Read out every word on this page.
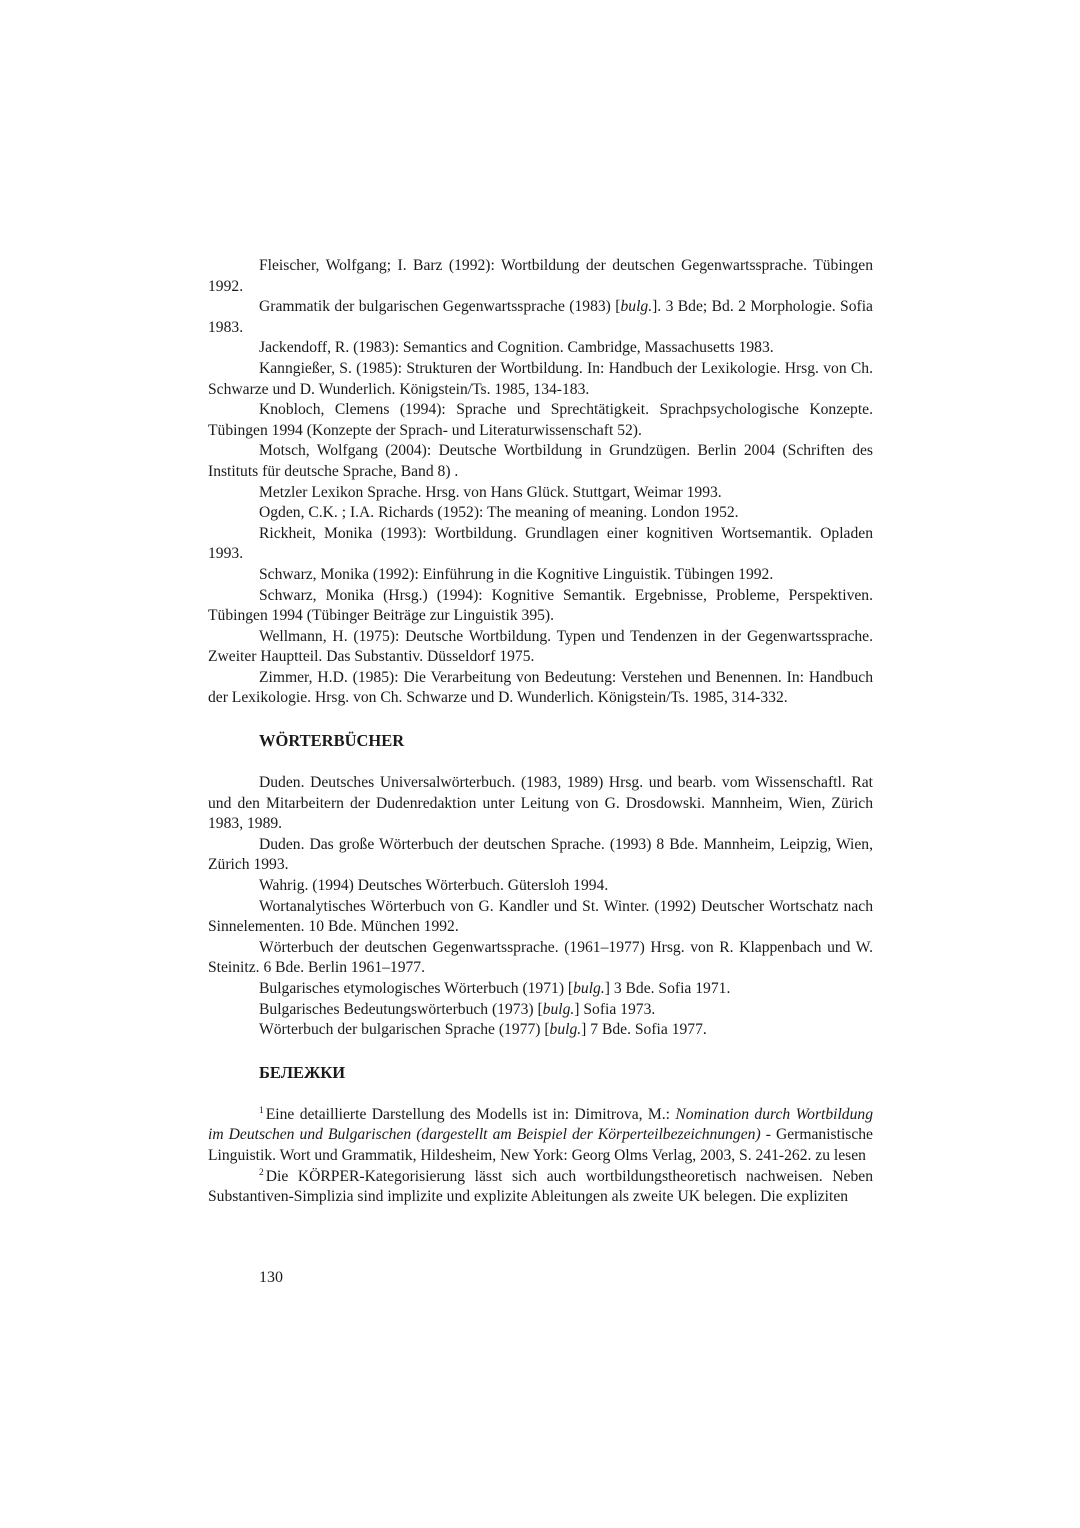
Fleischer, Wolfgang; I. Barz (1992): Wortbildung der deutschen Gegenwartssprache. Tübingen 1992.

Grammatik der bulgarischen Gegenwartssprache (1983) [bulg.]. 3 Bde; Bd. 2 Morphologie. Sofia 1983.

Jackendoff, R. (1983): Semantics and Cognition. Cambridge, Massachusetts 1983.

Kanngießer, S. (1985): Strukturen der Wortbildung. In: Handbuch der Lexikologie. Hrsg. von Ch. Schwarze und D. Wunderlich. Königstein/Ts. 1985, 134-183.

Knobloch, Clemens (1994): Sprache und Sprechtätigkeit. Sprachpsychologische Konzepte. Tübingen 1994 (Konzepte der Sprach- und Literaturwissenschaft 52).

Motsch, Wolfgang (2004): Deutsche Wortbildung in Grundzügen. Berlin 2004 (Schriften des Instituts für deutsche Sprache, Band 8) .

Metzler Lexikon Sprache. Hrsg. von Hans Glück. Stuttgart, Weimar 1993.

Ogden, C.K. ; I.A. Richards (1952): The meaning of meaning. London 1952.

Rickheit, Monika (1993): Wortbildung. Grundlagen einer kognitiven Wortsemantik. Opladen 1993.

Schwarz, Monika (1992): Einführung in die Kognitive Linguistik. Tübingen 1992.

Schwarz, Monika (Hrsg.) (1994): Kognitive Semantik. Ergebnisse, Probleme, Perspektiven. Tübingen 1994 (Tübinger Beiträge zur Linguistik 395).

Wellmann, H. (1975): Deutsche Wortbildung. Typen und Tendenzen in der Gegenwartssprache. Zweiter Hauptteil. Das Substantiv. Düsseldorf 1975.

Zimmer, H.D. (1985): Die Verarbeitung von Bedeutung: Verstehen und Benennen. In: Handbuch der Lexikologie. Hrsg. von Ch. Schwarze und D. Wunderlich. Königstein/Ts. 1985, 314-332.

WÖRTERBÜCHER

Duden. Deutsches Universalwörterbuch. (1983, 1989) Hrsg. und bearb. vom Wissenschaftl. Rat und den Mitarbeitern der Dudenredaktion unter Leitung von G. Drosdowski. Mannheim, Wien, Zürich 1983, 1989.

Duden. Das große Wörterbuch der deutschen Sprache. (1993) 8 Bde. Mannheim, Leipzig, Wien, Zürich 1993.

Wahrig. (1994) Deutsches Wörterbuch. Gütersloh 1994.

Wortanalytisches Wörterbuch von G. Kandler und St. Winter. (1992) Deutscher Wortschatz nach Sinnelementen. 10 Bde. München 1992.

Wörterbuch der deutschen Gegenwartssprache. (1961–1977) Hrsg. von R. Klappenbach und W. Steinitz. 6 Bde. Berlin 1961–1977.

Bulgarisches etymologisches Wörterbuch (1971) [bulg.] 3 Bde. Sofia 1971.

Bulgarisches Bedeutungswörterbuch (1973) [bulg.] Sofia 1973.

Wörterbuch der bulgarischen Sprache (1977) [bulg.] 7 Bde. Sofia 1977.

БЕЛЕЖКИ

$^1$ Eine detaillierte Darstellung des Modells ist in: Dimitrova, M.: Nomination durch Wortbildung im Deutschen und Bulgarischen (dargestellt am Beispiel der Körperteilbezeichnungen) - Germanistische Linguistik. Wort und Grammatik, Hildesheim, New York: Georg Olms Verlag, 2003, S. 241-262. zu lesen

$^2$ Die KÖRPER-Kategorisierung lässt sich auch wortbildungstheoretisch nachweisen. Neben Substantiven-Simplizia sind implizite und explizite Ableitungen als zweite UK belegen. Die expliziten

130
